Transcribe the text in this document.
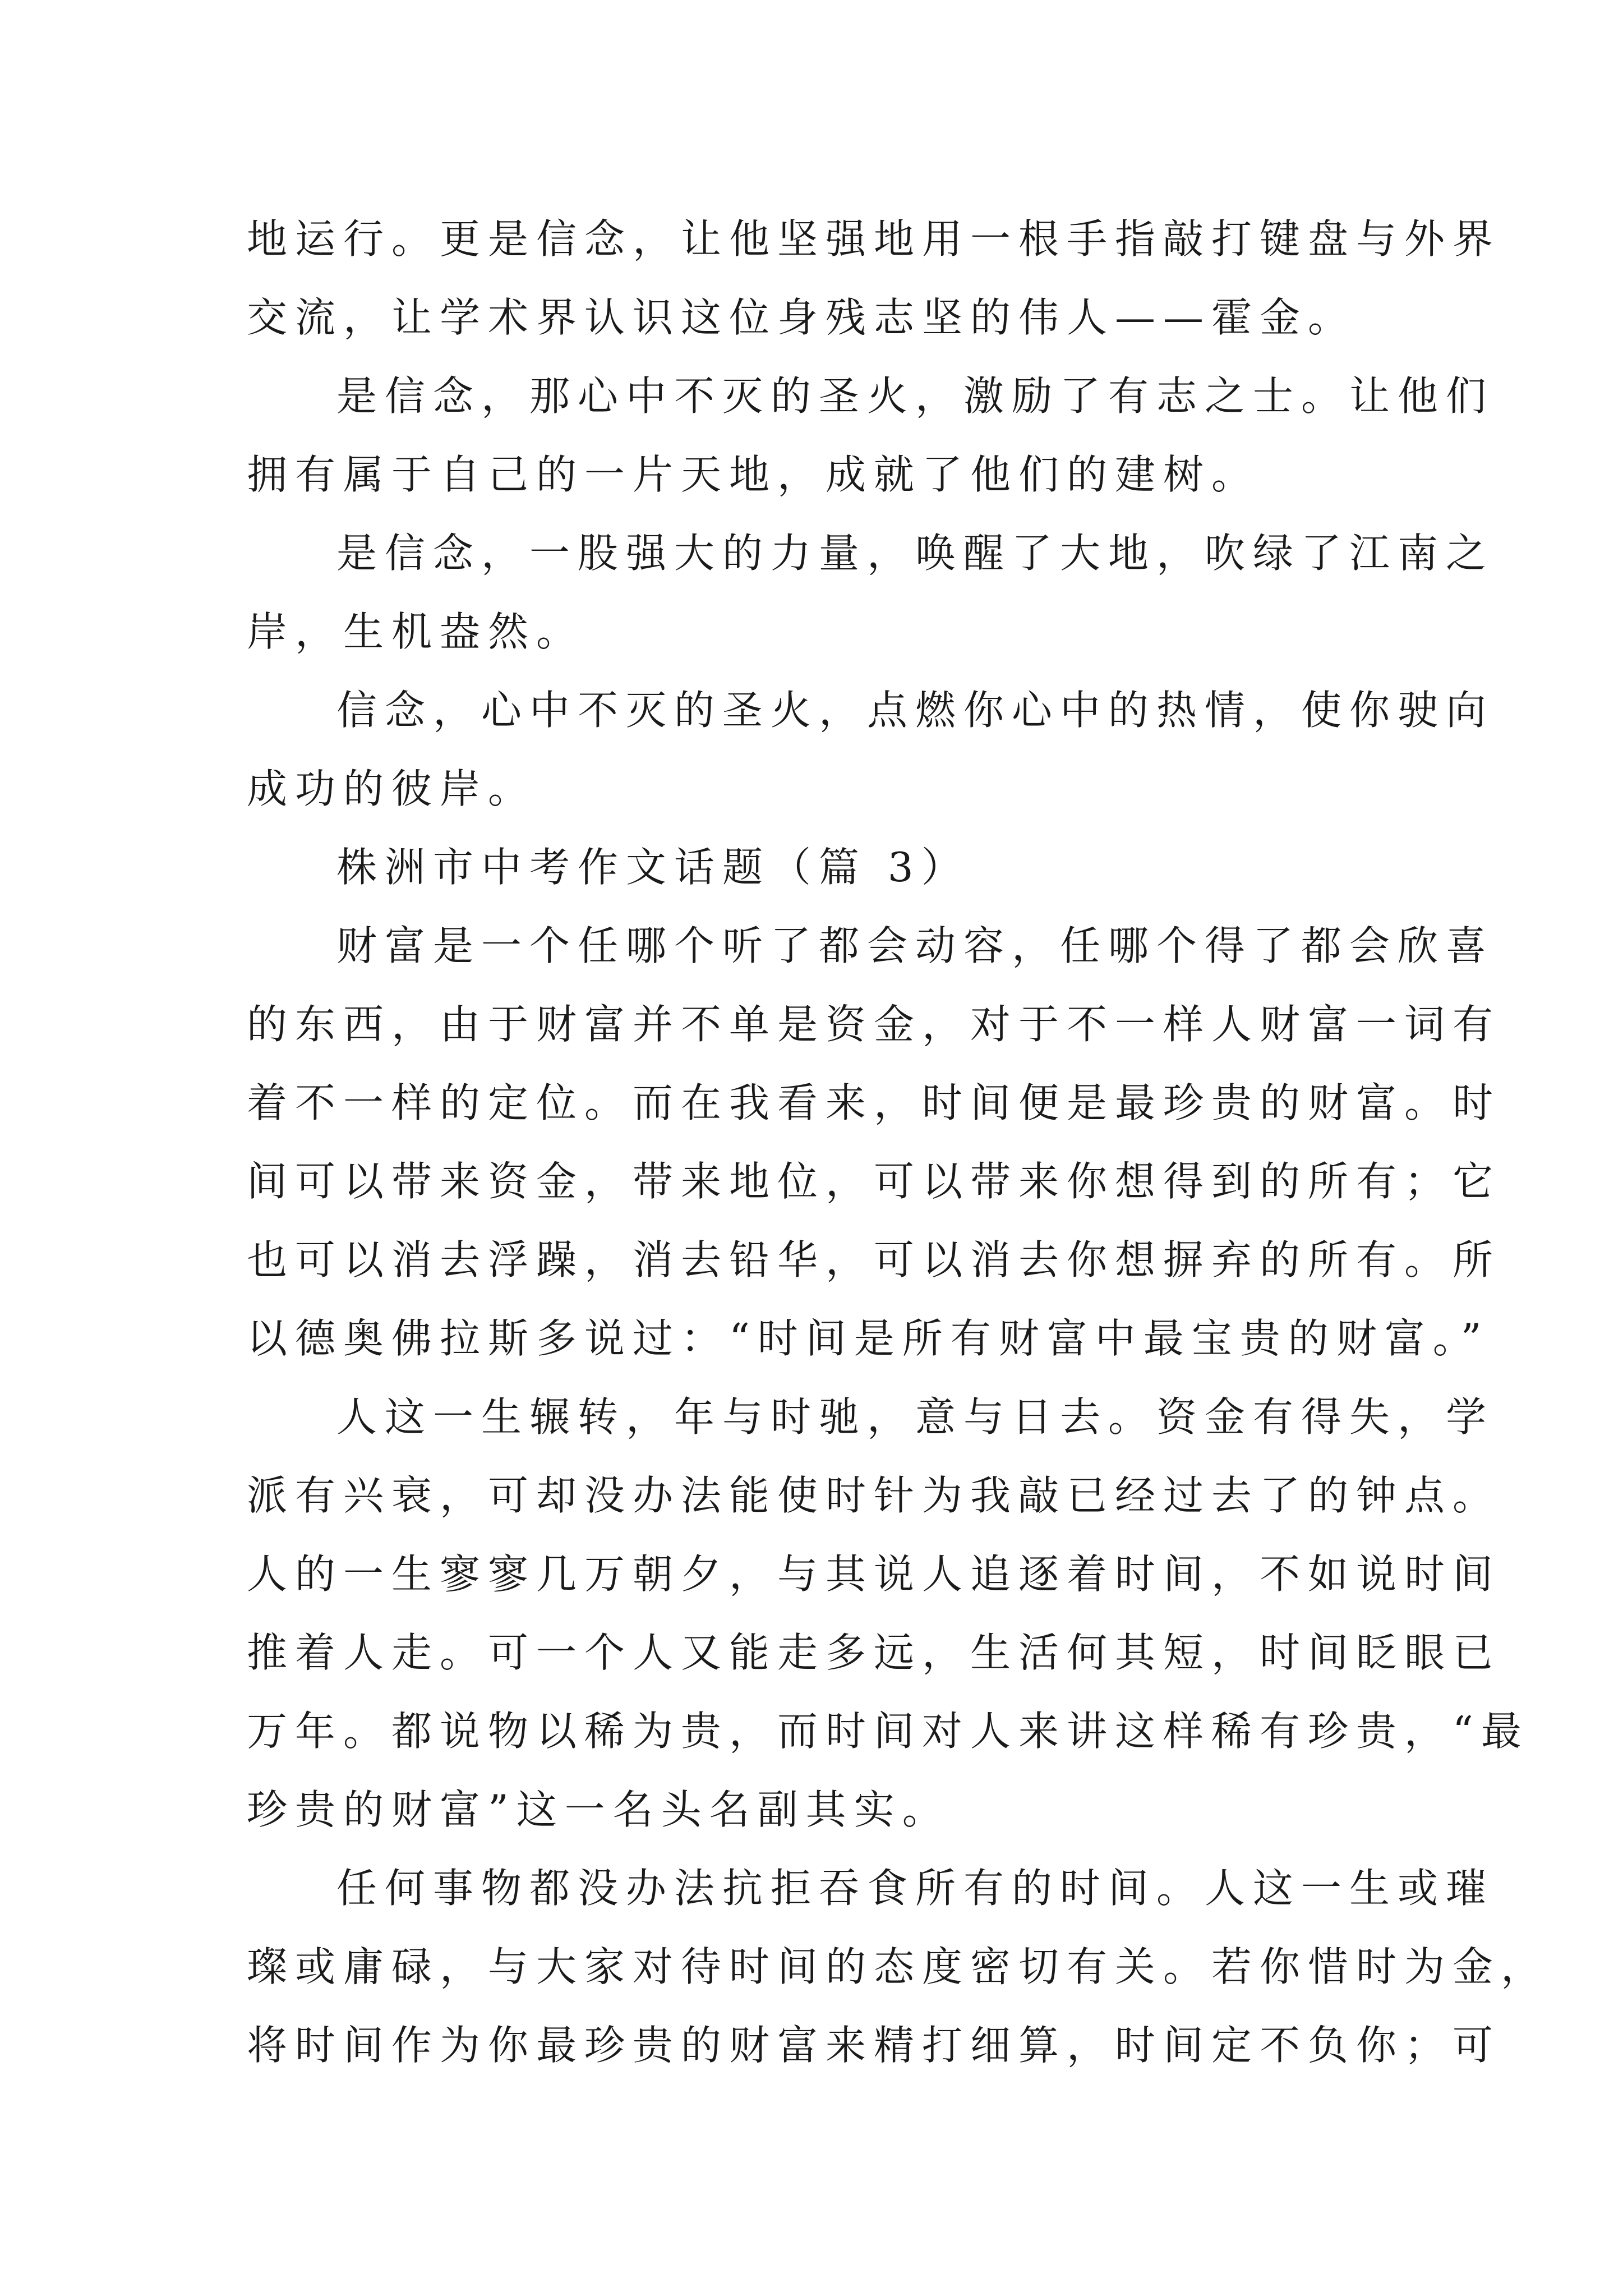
地运行。更是信念，让他坚强地用一根手指敲打键盘与外界
交流，让学术界认识这位身残志坚的伟人——霍金。
是信念，那心中不灭的圣火，激励了有志之士。让他们
拥有属于自己的一片天地，成就了他们的建树。
是信念，一股强大的力量，唤醒了大地，吹绿了江南之
岸，生机盎然。
信念，心中不灭的圣火，点燃你心中的热情，使你驶向
成功的彼岸。
株洲市中考作文话题（篇 3）
财富是一个任哪个听了都会动容，任哪个得了都会欣喜
的东西，由于财富并不单是资金，对于不一样人财富一词有
着不一样的定位。而在我看来，时间便是最珍贵的财富。时
间可以带来资金，带来地位，可以带来你想得到的所有；它
也可以消去浮躁，消去铅华，可以消去你想摒弃的所有。所
以德奥佛拉斯多说过：“时间是所有财富中最宝贵的财富。”
人这一生辗转，年与时驰，意与日去。资金有得失，学
派有兴衰，可却没办法能使时针为我敲已经过去了的钟点。
人的一生寥寥几万朝夕，与其说人追逐着时间，不如说时间
推着人走。可一个人又能走多远，生活何其短，时间眨眼已
万年。都说物以稀为贵，而时间对人来讲这样稀有珍贵，“最
珍贵的财富”这一名头名副其实。
任何事物都没办法抗拒吞食所有的时间。人这一生或璀
璨或庸碌，与大家对待时间的态度密切有关。若你惜时为金，
将时间作为你最珍贵的财富来精打细算，时间定不负你；可
